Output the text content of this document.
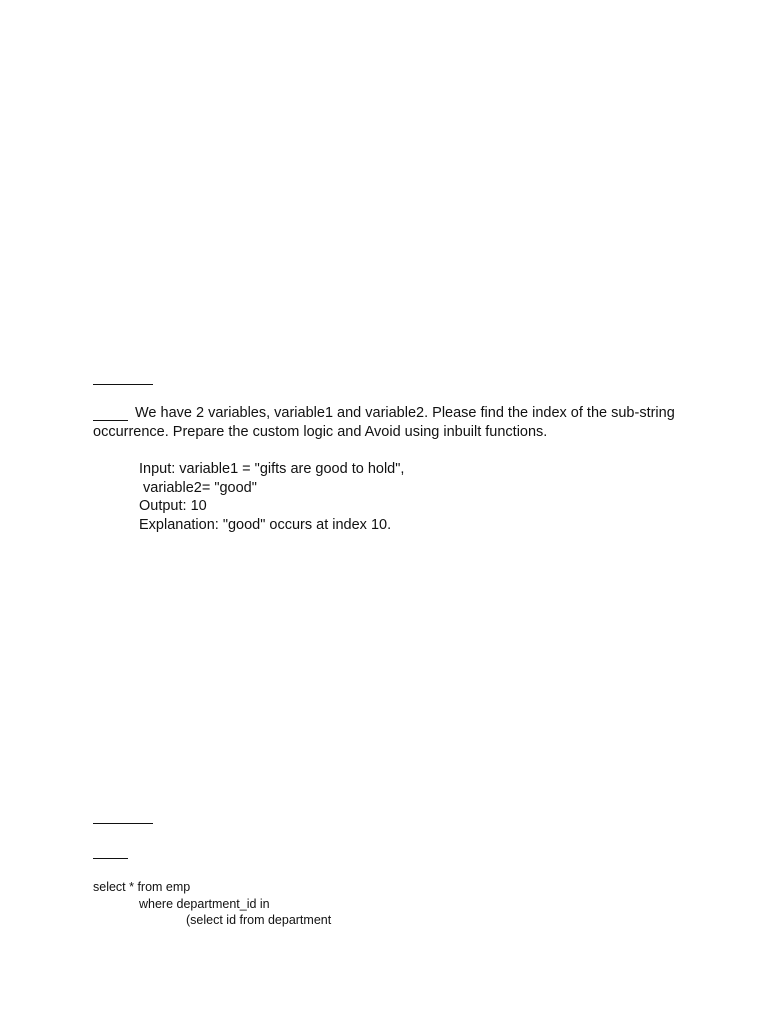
We have 2 variables, variable1 and variable2. Please find the index of the sub-string
occurrence. Prepare the custom logic and Avoid using inbuilt functions.
Input: variable1 = "gifts are good to hold",
variable2= "good"
Output: 10
Explanation: "good" occurs at index 10.
select * from emp
where department_id in
(select id from department
